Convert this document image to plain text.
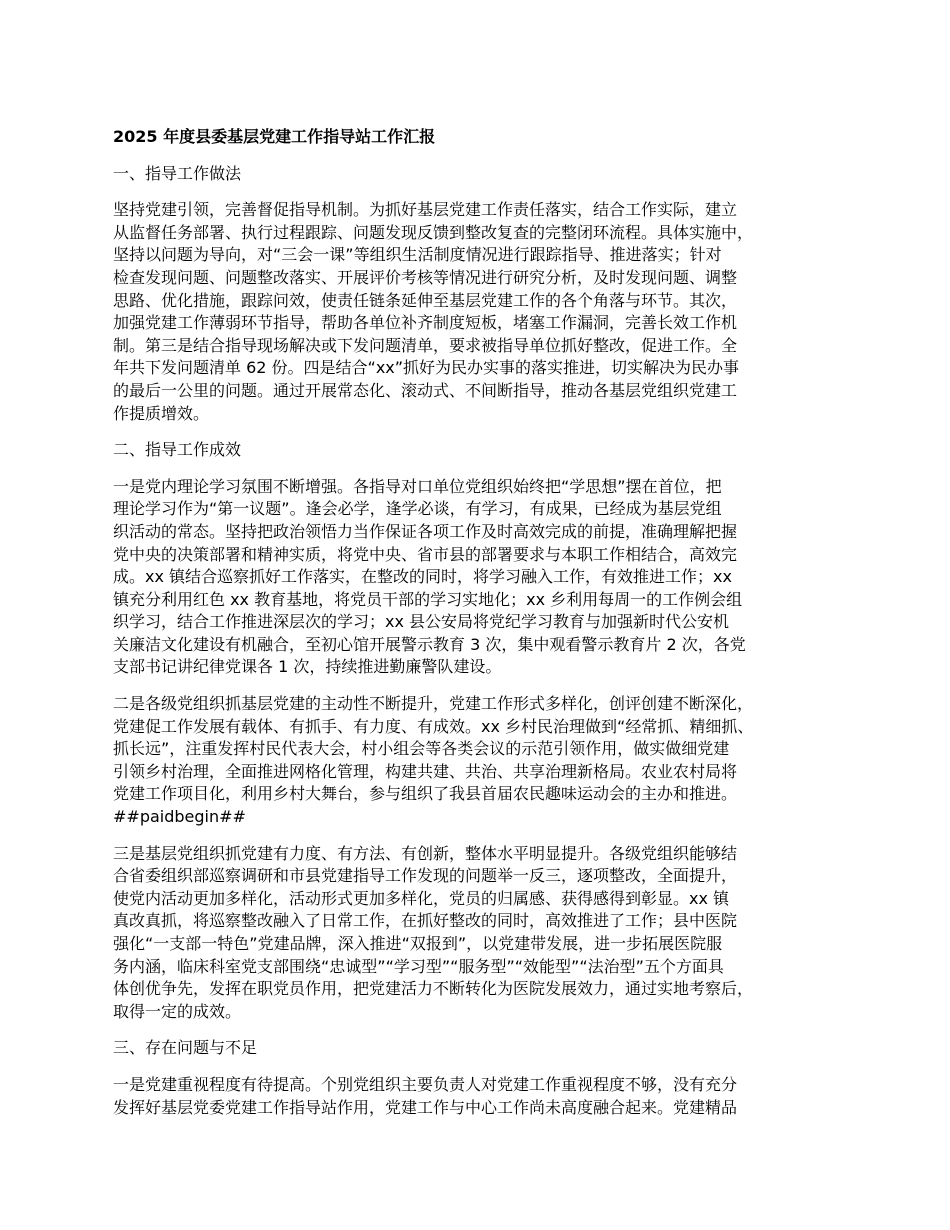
2025 年度县委基层党建工作指导站工作汇报
一、指导工作做法
坚持党建引领，完善督促指导机制。为抓好基层党建工作责任落实，结合工作实际，建立
从监督任务部署、执行过程跟踪、问题发现反馈到整改复查的完整闭环流程。具体实施中，
坚持以问题为导向，对“三会一课”等组织生活制度情况进行跟踪指导、推进落实；针对
检查发现问题、问题整改落实、开展评价考核等情况进行研究分析，及时发现问题、调整
思路、优化措施，跟踪问效，使责任链条延伸至基层党建工作的各个角落与环节。其次，
加强党建工作薄弱环节指导，帮助各单位补齐制度短板，堵塞工作漏洞，完善长效工作机
制。第三是结合指导现场解决或下发问题清单，要求被指导单位抓好整改，促进工作。全
年共下发问题清单 62 份。四是结合“xx”抓好为民办实事的落实推进，切实解决为民办事
的最后一公里的问题。通过开展常态化、滚动式、不间断指导，推动各基层党组织党建工
作提质增效。
二、指导工作成效
一是党内理论学习氛围不断增强。各指导对口单位党组织始终把“学思想”摆在首位，把
理论学习作为“第一议题”。逢会必学，逢学必谈，有学习，有成果，已经成为基层党组
织活动的常态。坚持把政治领悟力当作保证各项工作及时高效完成的前提，准确理解把握
党中央的决策部署和精神实质，将党中央、省市县的部署要求与本职工作相结合，高效完
成。xx 镇结合巡察抓好工作落实，在整改的同时，将学习融入工作，有效推进工作；xx
镇充分利用红色 xx 教育基地，将党员干部的学习实地化；xx 乡利用每周一的工作例会组
织学习，结合工作推进深层次的学习；xx 县公安局将党纪学习教育与加强新时代公安机
关廉洁文化建设有机融合，至初心馆开展警示教育 3 次，集中观看警示教育片 2 次，各党
支部书记讲纪律党课各 1 次，持续推进勤廉警队建设。
二是各级党组织抓基层党建的主动性不断提升，党建工作形式多样化，创评创建不断深化，
党建促工作发展有载体、有抓手、有力度、有成效。xx 乡村民治理做到“经常抓、精细抓、
抓长远”，注重发挥村民代表大会，村小组会等各类会议的示范引领作用，做实做细党建
引领乡村治理，全面推进网格化管理，构建共建、共治、共享治理新格局。农业农村局将
党建工作项目化，利用乡村大舞台，参与组织了我县首届农民趣味运动会的主办和推进。
##paidbegin##
三是基层党组织抓党建有力度、有方法、有创新，整体水平明显提升。各级党组织能够结
合省委组织部巡察调研和市县党建指导工作发现的问题举一反三，逐项整改，全面提升，
使党内活动更加多样化，活动形式更加多样化，党员的归属感、获得感得到彰显。xx 镇
真改真抓，将巡察整改融入了日常工作，在抓好整改的同时，高效推进了工作；县中医院
强化“一支部一特色”党建品牌，深入推进“双报到”，以党建带发展，进一步拓展医院服
务内涵，临床科室党支部围绕“忠诚型”“学习型”“服务型”“效能型”“法治型”五个方面具
体创优争先，发挥在职党员作用，把党建活力不断转化为医院发展效力，通过实地考察后，
取得一定的成效。
三、存在问题与不足
一是党建重视程度有待提高。个别党组织主要负责人对党建工作重视程度不够，没有充分
发挥好基层党委党建工作指导站作用，党建工作与中心工作尚未高度融合起来。党建精品
